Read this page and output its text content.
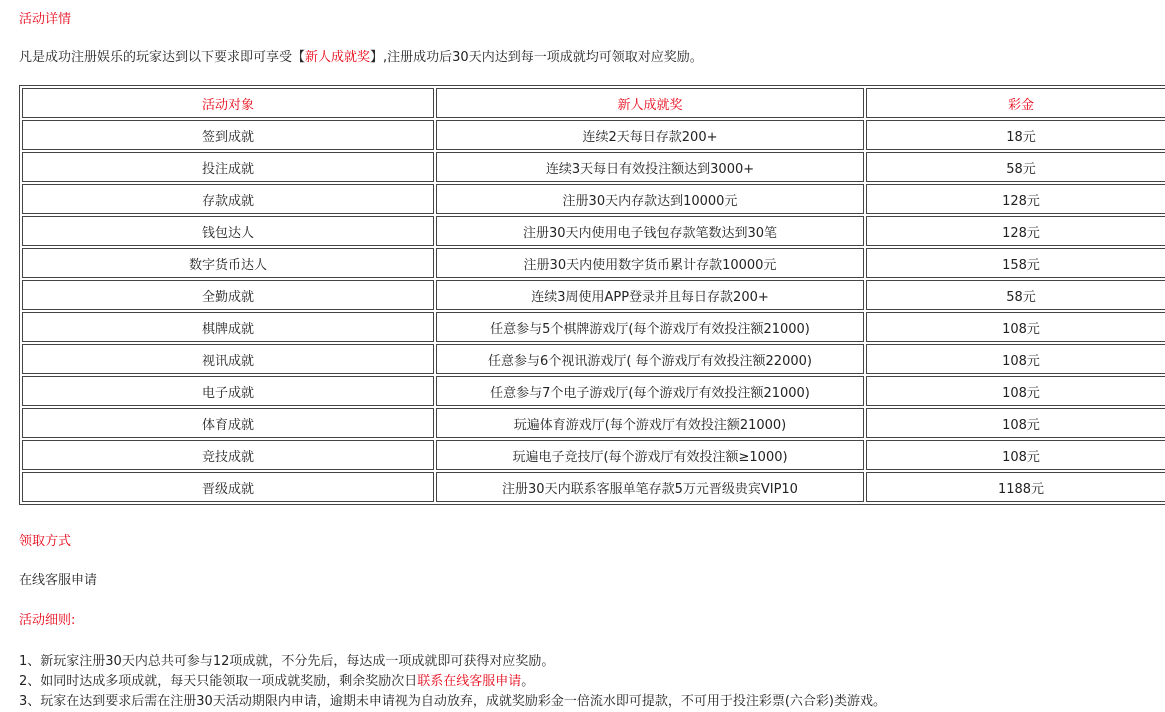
活动详情
凡是成功注册娱乐的玩家达到以下要求即可享受【新人成就奖】,注册成功后30天内达到每一项成就均可领取对应奖励。
活动对象	新人成就奖	彩金
签到成就	连续2天每日存款200+	18元
投注成就	连续3天每日有效投注额达到3000+	58元
存款成就	注册30天内存款达到10000元	128元
钱包达人	注册30天内使用电子钱包存款笔数达到30笔	128元
数字货币达人	注册30天内使用数字货币累计存款10000元	158元
全勤成就	连续3周使用APP登录并且每日存款200+	58元
棋牌成就	任意参与5个棋牌游戏厅(每个游戏厅有效投注额21000)	108元
视讯成就	任意参与6个视讯游戏厅( 每个游戏厅有效投注额22000)	108元
电子成就	任意参与7个电子游戏厅(每个游戏厅有效投注额21000)	108元
体育成就	玩遍体育游戏厅(每个游戏厅有效投注额21000)	108元
竞技成就	玩遍电子竞技厅(每个游戏厅有效投注额≥1000)	108元
晋级成就	注册30天内联系客服单笔存款5万元晋级贵宾VIP10	1188元
领取方式
在线客服申请
活动细则:
1、新玩家注册30天内总共可参与12项成就，不分先后，每达成一项成就即可获得对应奖励。
2、如同时达成多项成就，每天只能领取一项成就奖励，剩余奖励次日联系在线客服申请。
3、玩家在达到要求后需在注册30天活动期限内申请，逾期未申请视为自动放弃，成就奖励彩金一倍流水即可提款，不可用于投注彩票(六合彩)类游戏。
